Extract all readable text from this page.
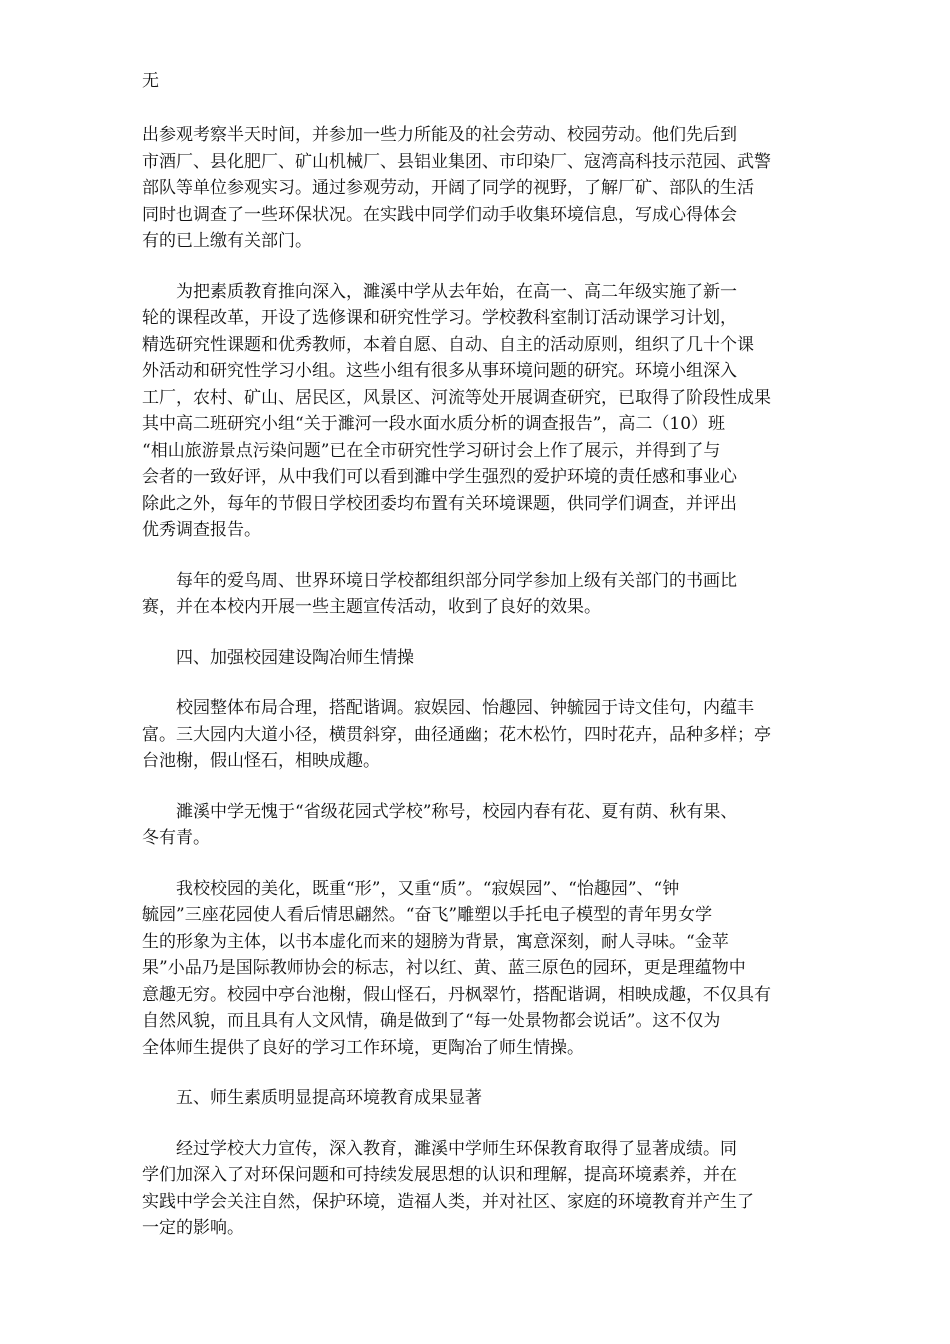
无

出参观考察半天时间，并参加一些力所能及的社会劳动、校园劳动。他们先后到
市酒厂、县化肥厂、矿山机械厂、县铝业集团、市印染厂、寇湾高科技示范园、武警
部队等单位参观实习。通过参观劳动，开阔了同学的视野，了解厂矿、部队的生活
同时也调查了一些环保状况。在实践中同学们动手收集环境信息，写成心得体会
有的已上缴有关部门。

为把素质教育推向深入，濉溪中学从去年始，在高一、高二年级实施了新一
轮的课程改革，开设了选修课和研究性学习。学校教科室制订活动课学习计划，
精选研究性课题和优秀教师，本着自愿、自动、自主的活动原则，组织了几十个课
外活动和研究性学习小组。这些小组有很多从事环境问题的研究。环境小组深入
工厂，农村、矿山、居民区，风景区、河流等处开展调查研究，已取得了阶段性成果
其中高二班研究小组“关于濉河一段水面水质分析的调查报告”，高二（10）班
“相山旅游景点污染问题”已在全市研究性学习研讨会上作了展示，并得到了与
会者的一致好评，从中我们可以看到濉中学生强烈的爱护环境的责任感和事业心
除此之外，每年的节假日学校团委均布置有关环境课题，供同学们调查，并评出
优秀调查报告。

每年的爱鸟周、世界环境日学校都组织部分同学参加上级有关部门的书画比
赛，并在本校内开展一些主题宣传活动，收到了良好的效果。

四、加强校园建设陶冶师生情操

校园整体布局合理，搭配谐调。寂娱园、怡趣园、钟毓园于诗文佳句，内蕴丰
富。三大园内大道小径，横贯斜穿，曲径通幽；花木松竹，四时花卉，品种多样；亭
台池榭，假山怪石，相映成趣。

濉溪中学无愧于“省级花园式学校”称号，校园内春有花、夏有荫、秋有果、
冬有青。

我校校园的美化，既重“形”，又重“质”。“寂娱园”、“怡趣园”、“钟
毓园”三座花园使人看后情思翩然。“奋飞”雕塑以手托电子模型的青年男女学
生的形象为主体，以书本虚化而来的翅膀为背景，寓意深刻，耐人寻味。“金苹
果”小品乃是国际教师协会的标志，衬以红、黄、蓝三原色的园环，更是理蕴物中
意趣无穷。校园中亭台池榭，假山怪石，丹枫翠竹，搭配谐调，相映成趣，不仅具有
自然风貌，而且具有人文风情，确是做到了“每一处景物都会说话”。这不仅为
全体师生提供了良好的学习工作环境，更陶冶了师生情操。

五、师生素质明显提高环境教育成果显著

经过学校大力宣传，深入教育，濉溪中学师生环保教育取得了显著成绩。同
学们加深入了对环保问题和可持续发展思想的认识和理解，提高环境素养，并在
实践中学会关注自然，保护环境，造福人类，并对社区、家庭的环境教育并产生了
一定的影响。
